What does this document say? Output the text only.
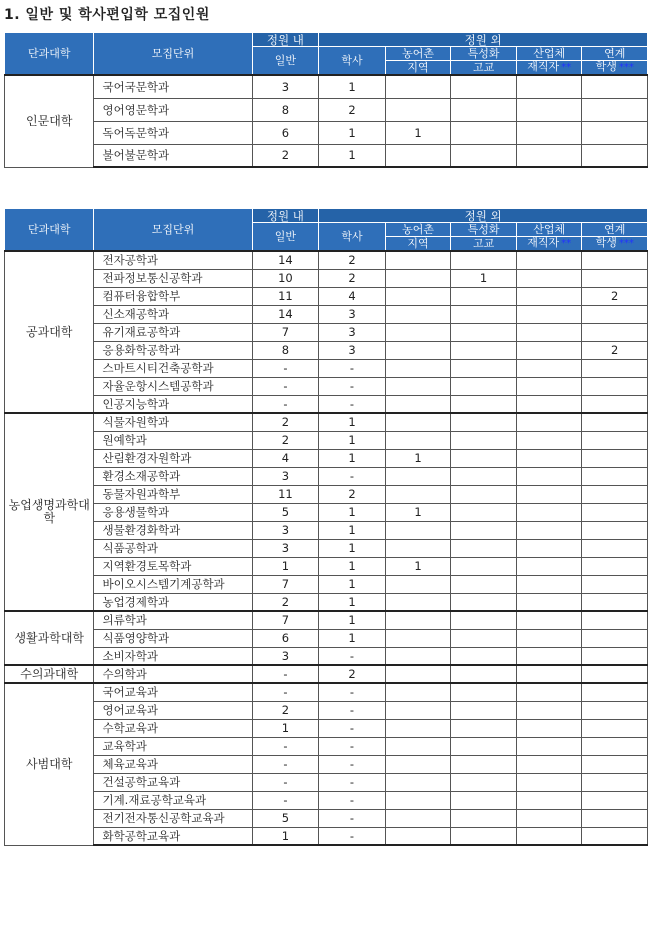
1. 일반 및 학사편입학 모집인원
단과대학	모집단위	정원 내	정원 외				
		일반	학사	농어촌	특성화	산업체	연계
				지역	고교	재직자 **	학생 ***
인문대학	국어국문학과	3	1				
	영어영문학과	8	2				
	독어독문학과	6	1	1			
	불어불문학과	2	1				
단과대학	모집단위	정원 내	정원 외				
		일반	학사	농어촌	특성화	산업체	연계
				지역	고교	재직자 **	학생 ***
공과대학	전자공학과	14	2				
	전파정보통신공학과	10	2		1		
	컴퓨터융합학부	11	4				2
	신소재공학과	14	3				
	유기재료공학과	7	3				
	응용화학공학과	8	3				2
	스마트시티건축공학과	-	-				
	자율운항시스템공학과	-	-				
	인공지능학과	-	-				
농업생명과학대학	식물자원학과	2	1				
	원예학과	2	1				
	산림환경자원학과	4	1	1			
	환경소재공학과	3	-				
	동물자원과학부	11	2				
	응용생물학과	5	1	1			
	생물환경화학과	3	1				
	식품공학과	3	1				
	지역환경토목학과	1	1	1			
	바이오시스템기계공학과	7	1				
	농업경제학과	2	1				
생활과학대학	의류학과	7	1				
	식품영양학과	6	1				
	소비자학과	3	-				
수의과대학	수의학과	-	2				
사범대학	국어교육과	-	-				
	영어교육과	2	-				
	수학교육과	1	-				
	교육학과	-	-				
	체육교육과	-	-				
	건설공학교육과	-	-				
	기계.재료공학교육과	-	-				
	전기전자통신공학교육과	5	-				
	화학공학교육과	1	-				
